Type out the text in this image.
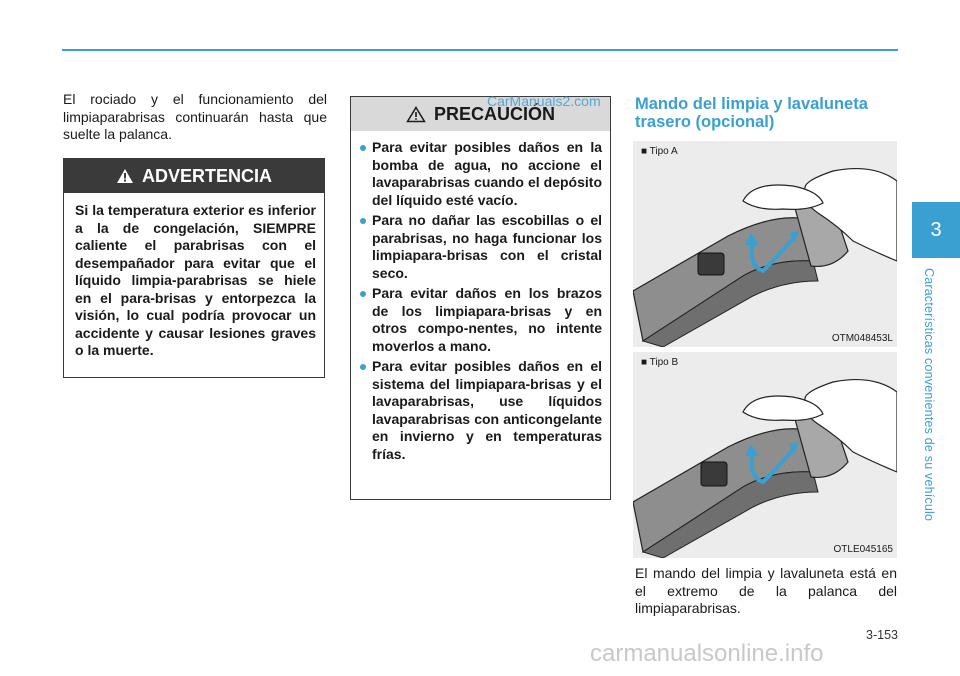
3
Características convenientes de su vehículo

El rociado y el funcionamiento del limpiaparabrisas continuarán hasta que suelte la palanca.

ADVERTENCIA

Si la temperatura exterior es inferior a la de congelación, SIEMPRE caliente el parabrisas con el desempañador para evitar que el líquido limpia-parabrisas se hiele en el para-brisas y entorpezca la visión, lo cual podría provocar un accidente y causar lesiones graves o la muerte.

PRECAUCIÓN
Para evitar posibles daños en la bomba de agua, no accione el lavaparabrisas cuando el depósito del líquido esté vacío.
Para no dañar las escobillas o el parabrisas, no haga funcionar los limpiapara-brisas con el cristal seco.
Para evitar daños en los brazos de los limpiapara-brisas y en otros compo-nentes, no intente moverlos a mano.
Para evitar posibles daños en el sistema del limpiapara-brisas y el lavaparabrisas, use líquidos lavaparabrisas con anticongelante en invierno y en temperaturas frías.
CarManuals2.com Mando del limpia y lavaluneta trasero (opcional)
■ Tipo A
OTM048453L
■ Tipo B
OTLE045165

El mando del limpia y lavaluneta está en el extremo de la palanca del limpiaparabrisas.

3-153
carmanualsonline.info
